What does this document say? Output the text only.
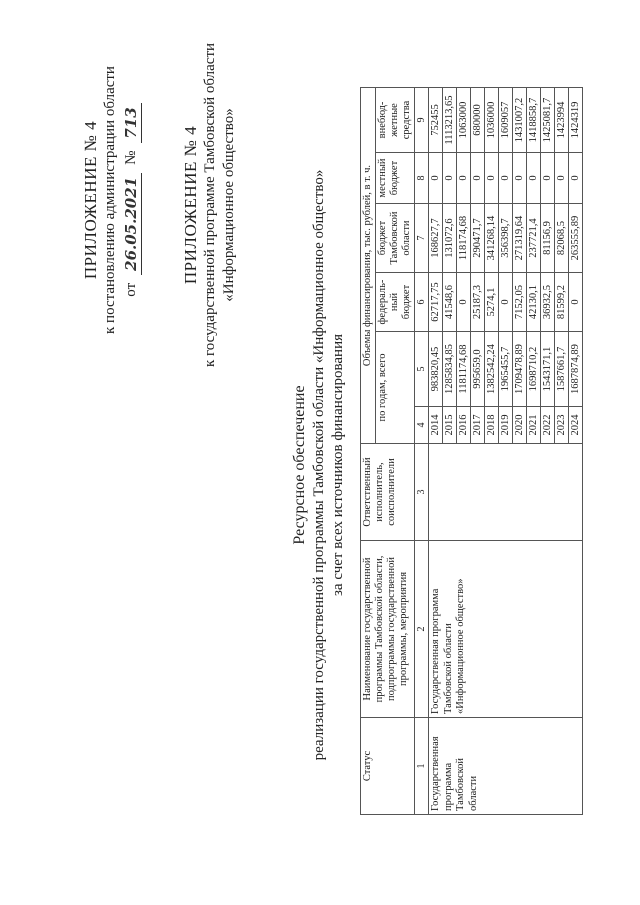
ПРИЛОЖЕНИЕ № 4 к постановлению администрации области от
26.05.2021
№
713
ПРИЛОЖЕНИЕ № 4 к государственной программе Тамбовской области «Информационное общество»
Ресурсное обеспечение реализации государственной программы Тамбовской области «Информационное общество» за счет всех источников финансирования
Статус	Наименование государственной программы Тамбовской области, подпрограммы государственной программы, мероприятия	Ответственный исполнитель, соисполнители	Объемы финансирования, тыс. рублей, в т. ч.					
			по годам, всего		федераль-ный бюджет	бюджет Тамбовской области	местный бюджет	внебюд-жетные средства
1	2	3	4	5	6	7	8	9
Государственная программа Тамбовской области	Государственная программа Тамбовской области «Информационное общество»		2014	983820,45	62717,75	168627,7	0	752455
			2015	1285834,85	41548,6	131072,6	0	1113213,65
			2016	1181174,68	0	118174,68	0	1063000
			2017	995659,0	25187,3	290471,7	0	680000
			2018	1382542,24	5274,1	341268,14	0	1036000
			2019	1965455,7	0	356398,7	0	1609057
			2020	1709478,89	7152,05	271319,64	0	1431007,2
			2021	1698710,2	42130,1	237721,4	0	1418858,7
			2022	1543171,1	36932,5	81156,9	0	1425081,7
			2023	1587661,7	81599,2	82068,5	0	1423994
			2024	1687874,89	0	263555,89	0	1424319
